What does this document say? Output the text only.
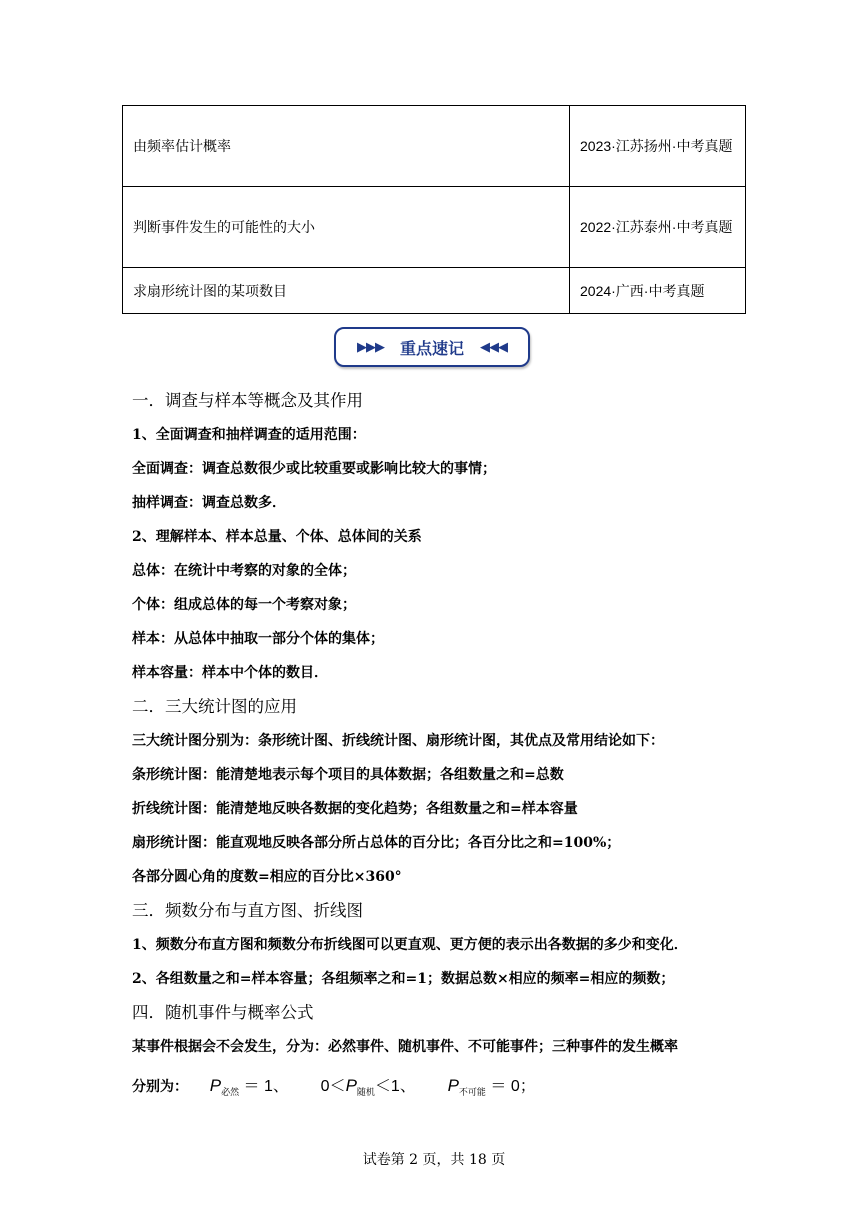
由频率估计概率	2023·江苏扬州·中考真题
判断事件发生的可能性的大小	2022·江苏泰州·中考真题
求扇形统计图的某项数目	2024·广西·中考真题
▶▶▶ 重点速记 ◀◀◀
一．调查与样本等概念及其作用
1、全面调查和抽样调查的适用范围：
全面调查：调查总数很少或比较重要或影响比较大的事情；
抽样调查：调查总数多．
2、理解样本、样本总量、个体、总体间的关系
总体：在统计中考察的对象的全体；
个体：组成总体的每一个考察对象；
样本：从总体中抽取一部分个体的集体；
样本容量：样本中个体的数目．
二．三大统计图的应用
三大统计图分别为：条形统计图、折线统计图、扇形统计图，其优点及常用结论如下：
条形统计图：能清楚地表示每个项目的具体数据；各组数量之和=总数
折线统计图：能清楚地反映各数据的变化趋势；各组数量之和=样本容量
扇形统计图：能直观地反映各部分所占总体的百分比；各百分比之和=100%；
各部分圆心角的度数=相应的百分比×360°
三．频数分布与直方图、折线图
1、频数分布直方图和频数分布折线图可以更直观、更方便的表示出各数据的多少和变化．
2、各组数量之和=样本容量；各组频率之和=1；数据总数×相应的频率=相应的频数；
四．随机事件与概率公式
某事件根据会不会发生，分为：必然事件、随机事件、不可能事件；三种事件的发生概率
分别为： $P_{必然} = 1$、 $0<P_{随机}<1$、 $P_{不可能} = 0$；
试卷第 2 页，共 18 页
